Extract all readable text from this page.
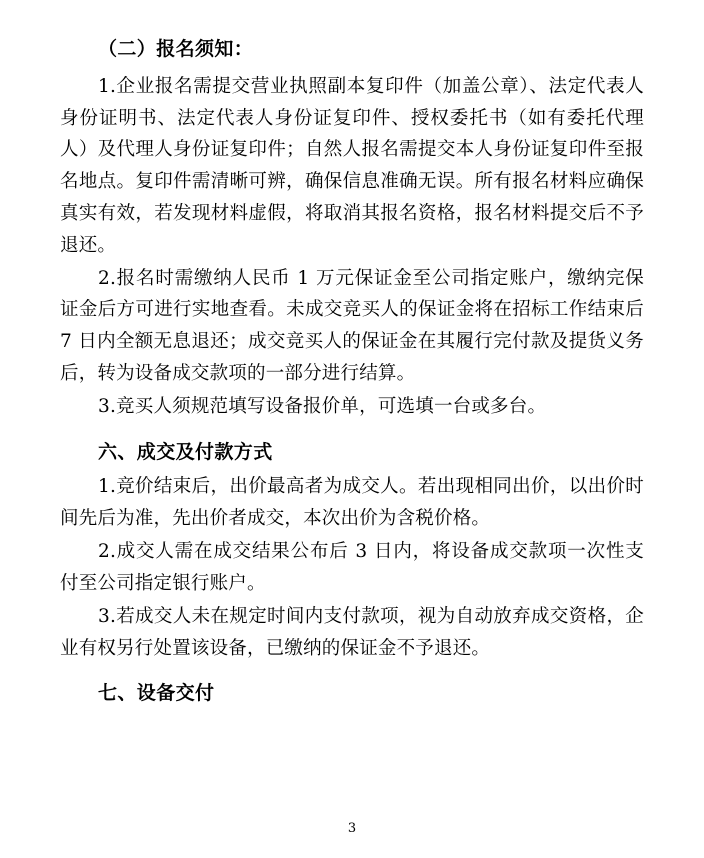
（二）报名须知：

1.企业报名需提交营业执照副本复印件（加盖公章）、法定代表人身份证明书、法定代表人身份证复印件、授权委托书（如有委托代理人）及代理人身份证复印件；自然人报名需提交本人身份证复印件至报名地点。复印件需清晰可辨，确保信息准确无误。所有报名材料应确保真实有效，若发现材料虚假，将取消其报名资格，报名材料提交后不予退还。

2.报名时需缴纳人民币 1 万元保证金至公司指定账户，缴纳完保证金后方可进行实地查看。未成交竞买人的保证金将在招标工作结束后 7 日内全额无息退还；成交竞买人的保证金在其履行完付款及提货义务后，转为设备成交款项的一部分进行结算。

3.竞买人须规范填写设备报价单，可选填一台或多台。

六、成交及付款方式

1.竞价结束后，出价最高者为成交人。若出现相同出价，以出价时间先后为准，先出价者成交，本次出价为含税价格。

2.成交人需在成交结果公布后 3 日内，将设备成交款项一次性支付至公司指定银行账户。

3.若成交人未在规定时间内支付款项，视为自动放弃成交资格，企业有权另行处置该设备，已缴纳的保证金不予退还。

七、设备交付

3
